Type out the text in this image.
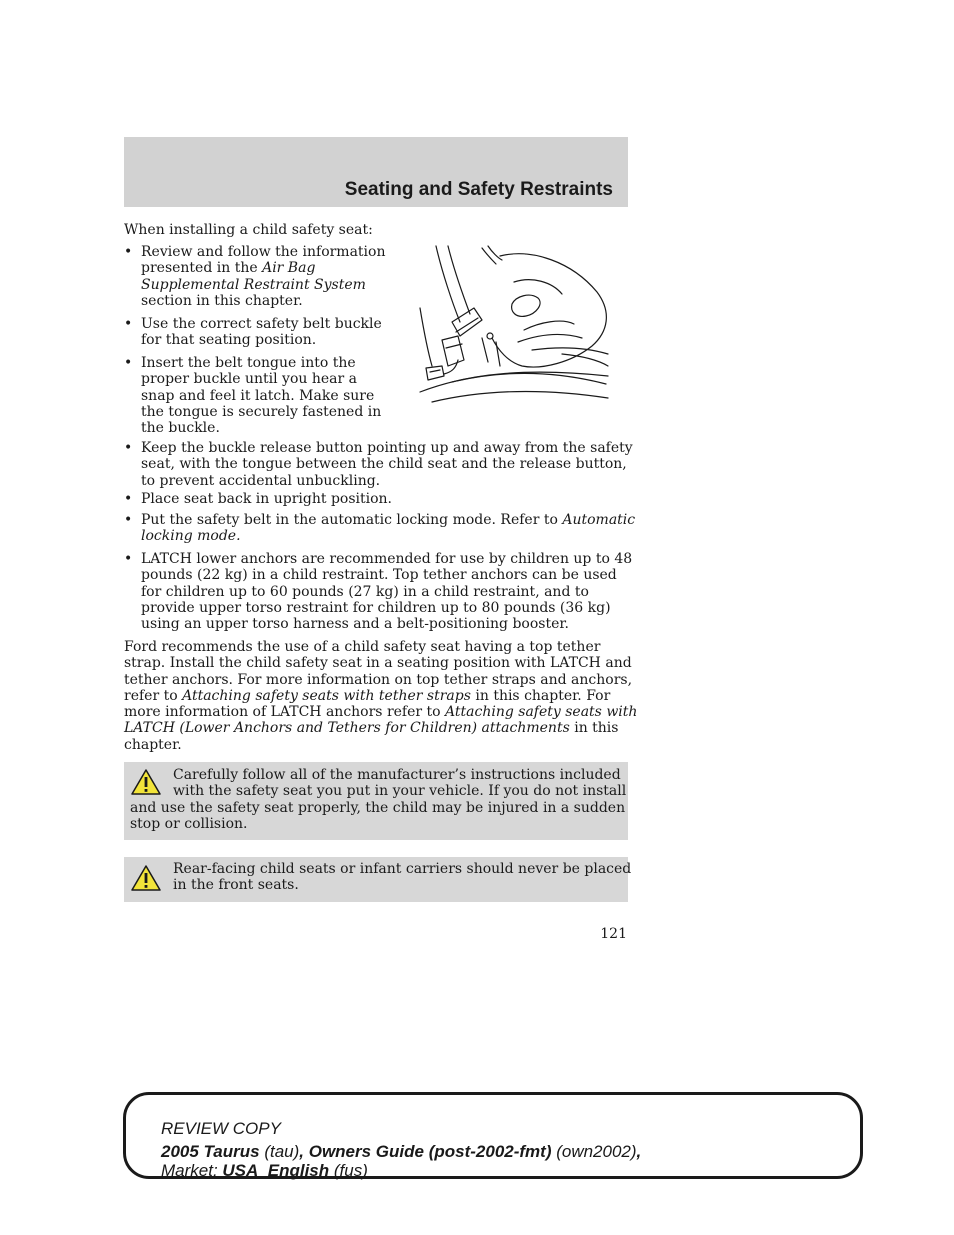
Seating and Safety Restraints
When installing a child safety seat:
• Review and follow the information
presented in the Air Bag
Supplemental Restraint System
section in this chapter.
• Use the correct safety belt buckle
for that seating position.
• Insert the belt tongue into the
proper buckle until you hear a
snap and feel it latch. Make sure
the tongue is securely fastened in
the buckle.
• Keep the buckle release button pointing up and away from the safety
seat, with the tongue between the child seat and the release button,
to prevent accidental unbuckling.
• Place seat back in upright position.
• Put the safety belt in the automatic locking mode. Refer to Automatic
locking mode.
• LATCH lower anchors are recommended for use by children up to 48
pounds (22 kg) in a child restraint. Top tether anchors can be used
for children up to 60 pounds (27 kg) in a child restraint, and to
provide upper torso restraint for children up to 80 pounds (36 kg)
using an upper torso harness and a belt-positioning booster.
Ford recommends the use of a child safety seat having a top tether
strap. Install the child safety seat in a seating position with LATCH and
tether anchors. For more information on top tether straps and anchors,
refer to Attaching safety seats with tether straps in this chapter. For
more information of LATCH anchors refer to Attaching safety seats with
LATCH (Lower Anchors and Tethers for Children) attachments in this
chapter.
Carefully follow all of the manufacturer’s instructions included
with the safety seat you put in your vehicle. If you do not install
and use the safety seat properly, the child may be injured in a sudden
stop or collision.
Rear-facing child seats or infant carriers should never be placed
in the front seats.
121
REVIEW COPY
2005 Taurus (tau), Owners Guide (post-2002-fmt) (own2002),
Market: USA_English (fus)
